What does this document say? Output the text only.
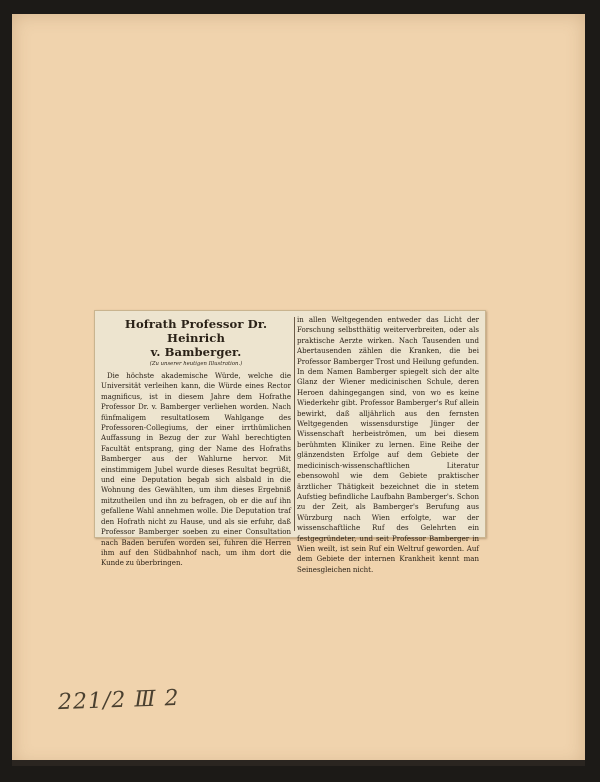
Hofrath Professor Dr. Heinrich
v. Bamberger.
(Zu unserer heutigen Illustration.)

Die höchste akademische Würde, welche die Universität verleihen kann, die Würde eines Rector magnificus, ist in diesem Jahre dem Hofrathe Professor Dr. v. Bamberger verliehen worden. Nach fünfmaligem resultatlosem Wahlgange des Professoren-Collegiums, der einer irrthümlichen Auffassung in Bezug der zur Wahl berechtigten Facultät entsprang, ging der Name des Hofraths Bamberger aus der Wahlurne hervor. Mit einstimmigem Jubel wurde dieses Resultat begrüßt, und eine Deputation begab sich alsbald in die Wohnung des Gewählten, um ihm dieses Ergebniß mitzutheilen und ihn zu befragen, ob er die auf ihn gefallene Wahl annehmen wolle. Die Deputation traf den Hofrath nicht zu Hause, und als sie erfuhr, daß Professor Bamberger soeben zu einer Consultation nach Baden berufen worden sei, fuhren die Herren ihm auf den Südbahnhof nach, um ihm dort die Kunde zu überbringen.

in allen Weltgegenden entweder das Licht der Forschung selbstthätig weiterverbreiten, oder als praktische Aerzte wirken. Nach Tausenden und Abertausenden zählen die Kranken, die bei Professor Bamberger Trost und Heilung gefunden. In dem Namen Bamberger spiegelt sich der alte Glanz der Wiener medicinischen Schule, deren Heroen dahingegangen sind, von wo es keine Wiederkehr gibt. Professor Bamberger's Ruf allein bewirkt, daß alljährlich aus den fernsten Weltgegenden wissensdurstige Jünger der Wissenschaft herbeiströmen, um bei diesem berühmten Kliniker zu lernen. Eine Reihe der glänzendsten Erfolge auf dem Gebiete der medicinisch-wissenschaftlichen Literatur ebensowohl wie dem Gebiete praktischer ärztlicher Thätigkeit bezeichnet die in stetem Aufstieg befindliche Laufbahn Bamberger's. Schon zu der Zeit, als Bamberger's Berufung aus Würzburg nach Wien erfolgte, war der wissenschaftliche Ruf des Gelehrten ein festgegründeter, und seit Professor Bamberger in Wien weilt, ist sein Ruf ein Weltruf geworden. Auf dem Gebiete der internen Krankheit kennt man Seinesgleichen nicht.

221/2 Ⅲ 2
